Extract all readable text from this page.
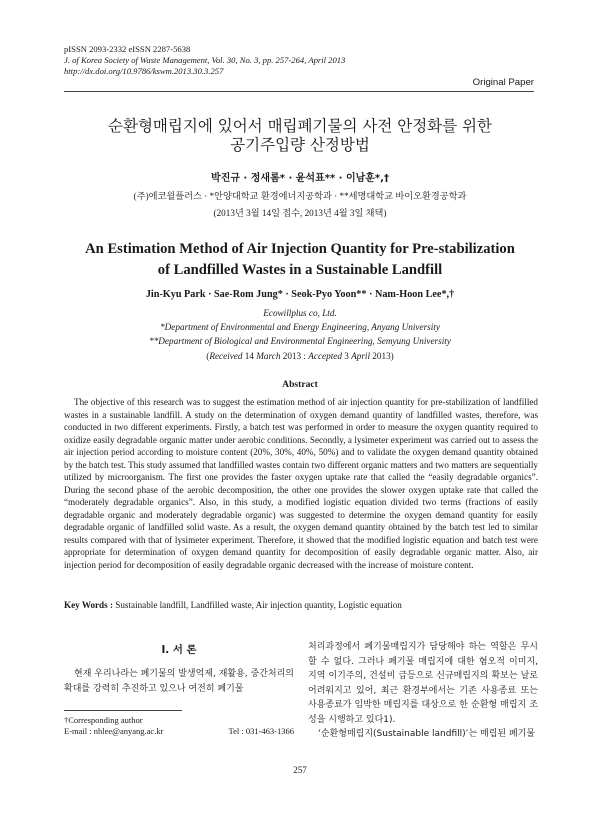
pISSN 2093-2332 eISSN 2287-5638
J. of Korea Society of Waste Management, Vol. 30, No. 3, pp. 257-264, April 2013
http://dx.doi.org/10.9786/kswm.2013.30.3.257
Original Paper
순환형매립지에 있어서 매립폐기물의 사전 안정화를 위한
공기주입량 산정방법
박진규 · 정새롬* · 윤석표** · 이남훈*,†
(주)에코윌플러스 · *안양대학교 환경에너지공학과 · **세명대학교 바이오환경공학과
(2013년 3월 14일 접수, 2013년 4월 3일 채택)
An Estimation Method of Air Injection Quantity for Pre-stabilization
of Landfilled Wastes in a Sustainable Landfill
Jin-Kyu Park · Sae-Rom Jung* · Seok-Pyo Yoon** · Nam-Hoon Lee*,†
Ecowillplus co, Ltd.
*Department of Environmental and Energy Engineering, Anyang University
**Department of Biological and Environmental Engineering, Semyung University
(Received 14 March 2013 : Accepted 3 April 2013)
Abstract

The objective of this research was to suggest the estimation method of air injection quantity for pre-stabilization of landfilled wastes in a sustainable landfill. A study on the determination of oxygen demand quantity of landfilled wastes, therefore, was conducted in two different experiments. Firstly, a batch test was performed in order to measure the oxygen quantity required to oxidize easily degradable organic matter under aerobic conditions. Secondly, a lysimeter experiment was carried out to assess the air injection period according to moisture content (20%, 30%, 40%, 50%) and to validate the oxygen demand quantity obtained by the batch test. This study assumed that landfilled wastes contain two different organic matters and two matters are sequentially utilized by microorganism. The first one provides the faster oxygen uptake rate that called the “easily degradable organics”. During the second phase of the aerobic decomposition, the other one provides the slower oxygen uptake rate that called the “moderately degradable organics”. Also, in this study, a modified logistic equation divided two terms (fractions of easily degradable organic and moderately degradable organic) was suggested to determine the oxygen demand quantity for easily degradable organic of landfilled solid waste. As a result, the oxygen demand quantity obtained by the batch test led to similar results compared with that of lysimeter experiment. Therefore, it showed that the modified logistic equation and batch test were appropriate for determination of oxygen demand quantity for decomposition of easily degradable organic matter. Also, air injection period for decomposition of easily degradable organic decreased with the increase of moisture content.

Key Words : Sustainable landfill, Landfilled waste, Air injection quantity, Logistic equation
I. 서 론

현재 우리나라는 폐기물의 발생억제, 재활용, 중간처리의 확대를 강력히 추진하고 있으나 여전히 폐기물

처리과정에서 폐기물매립지가 담당해야 하는 역할은 무시할 수 없다. 그러나 폐기물 매립지에 대한 혐오적 이미지, 지역 이기주의, 건설비 급등으로 신규매립지의 확보는 날로 어려워지고 있어, 최근 환경부에서는 기존 사용종료 또는 사용종료가 임박한 매립지를 대상으로 한 순환형 매립지 조성을 시행하고 있다1).

‘순환형매립지(Sustainable landfill)’는 매립된 폐기물

†Corresponding author
E-mail : nhlee@anyang.ac.kr	Tel : 031-463-1366
257
